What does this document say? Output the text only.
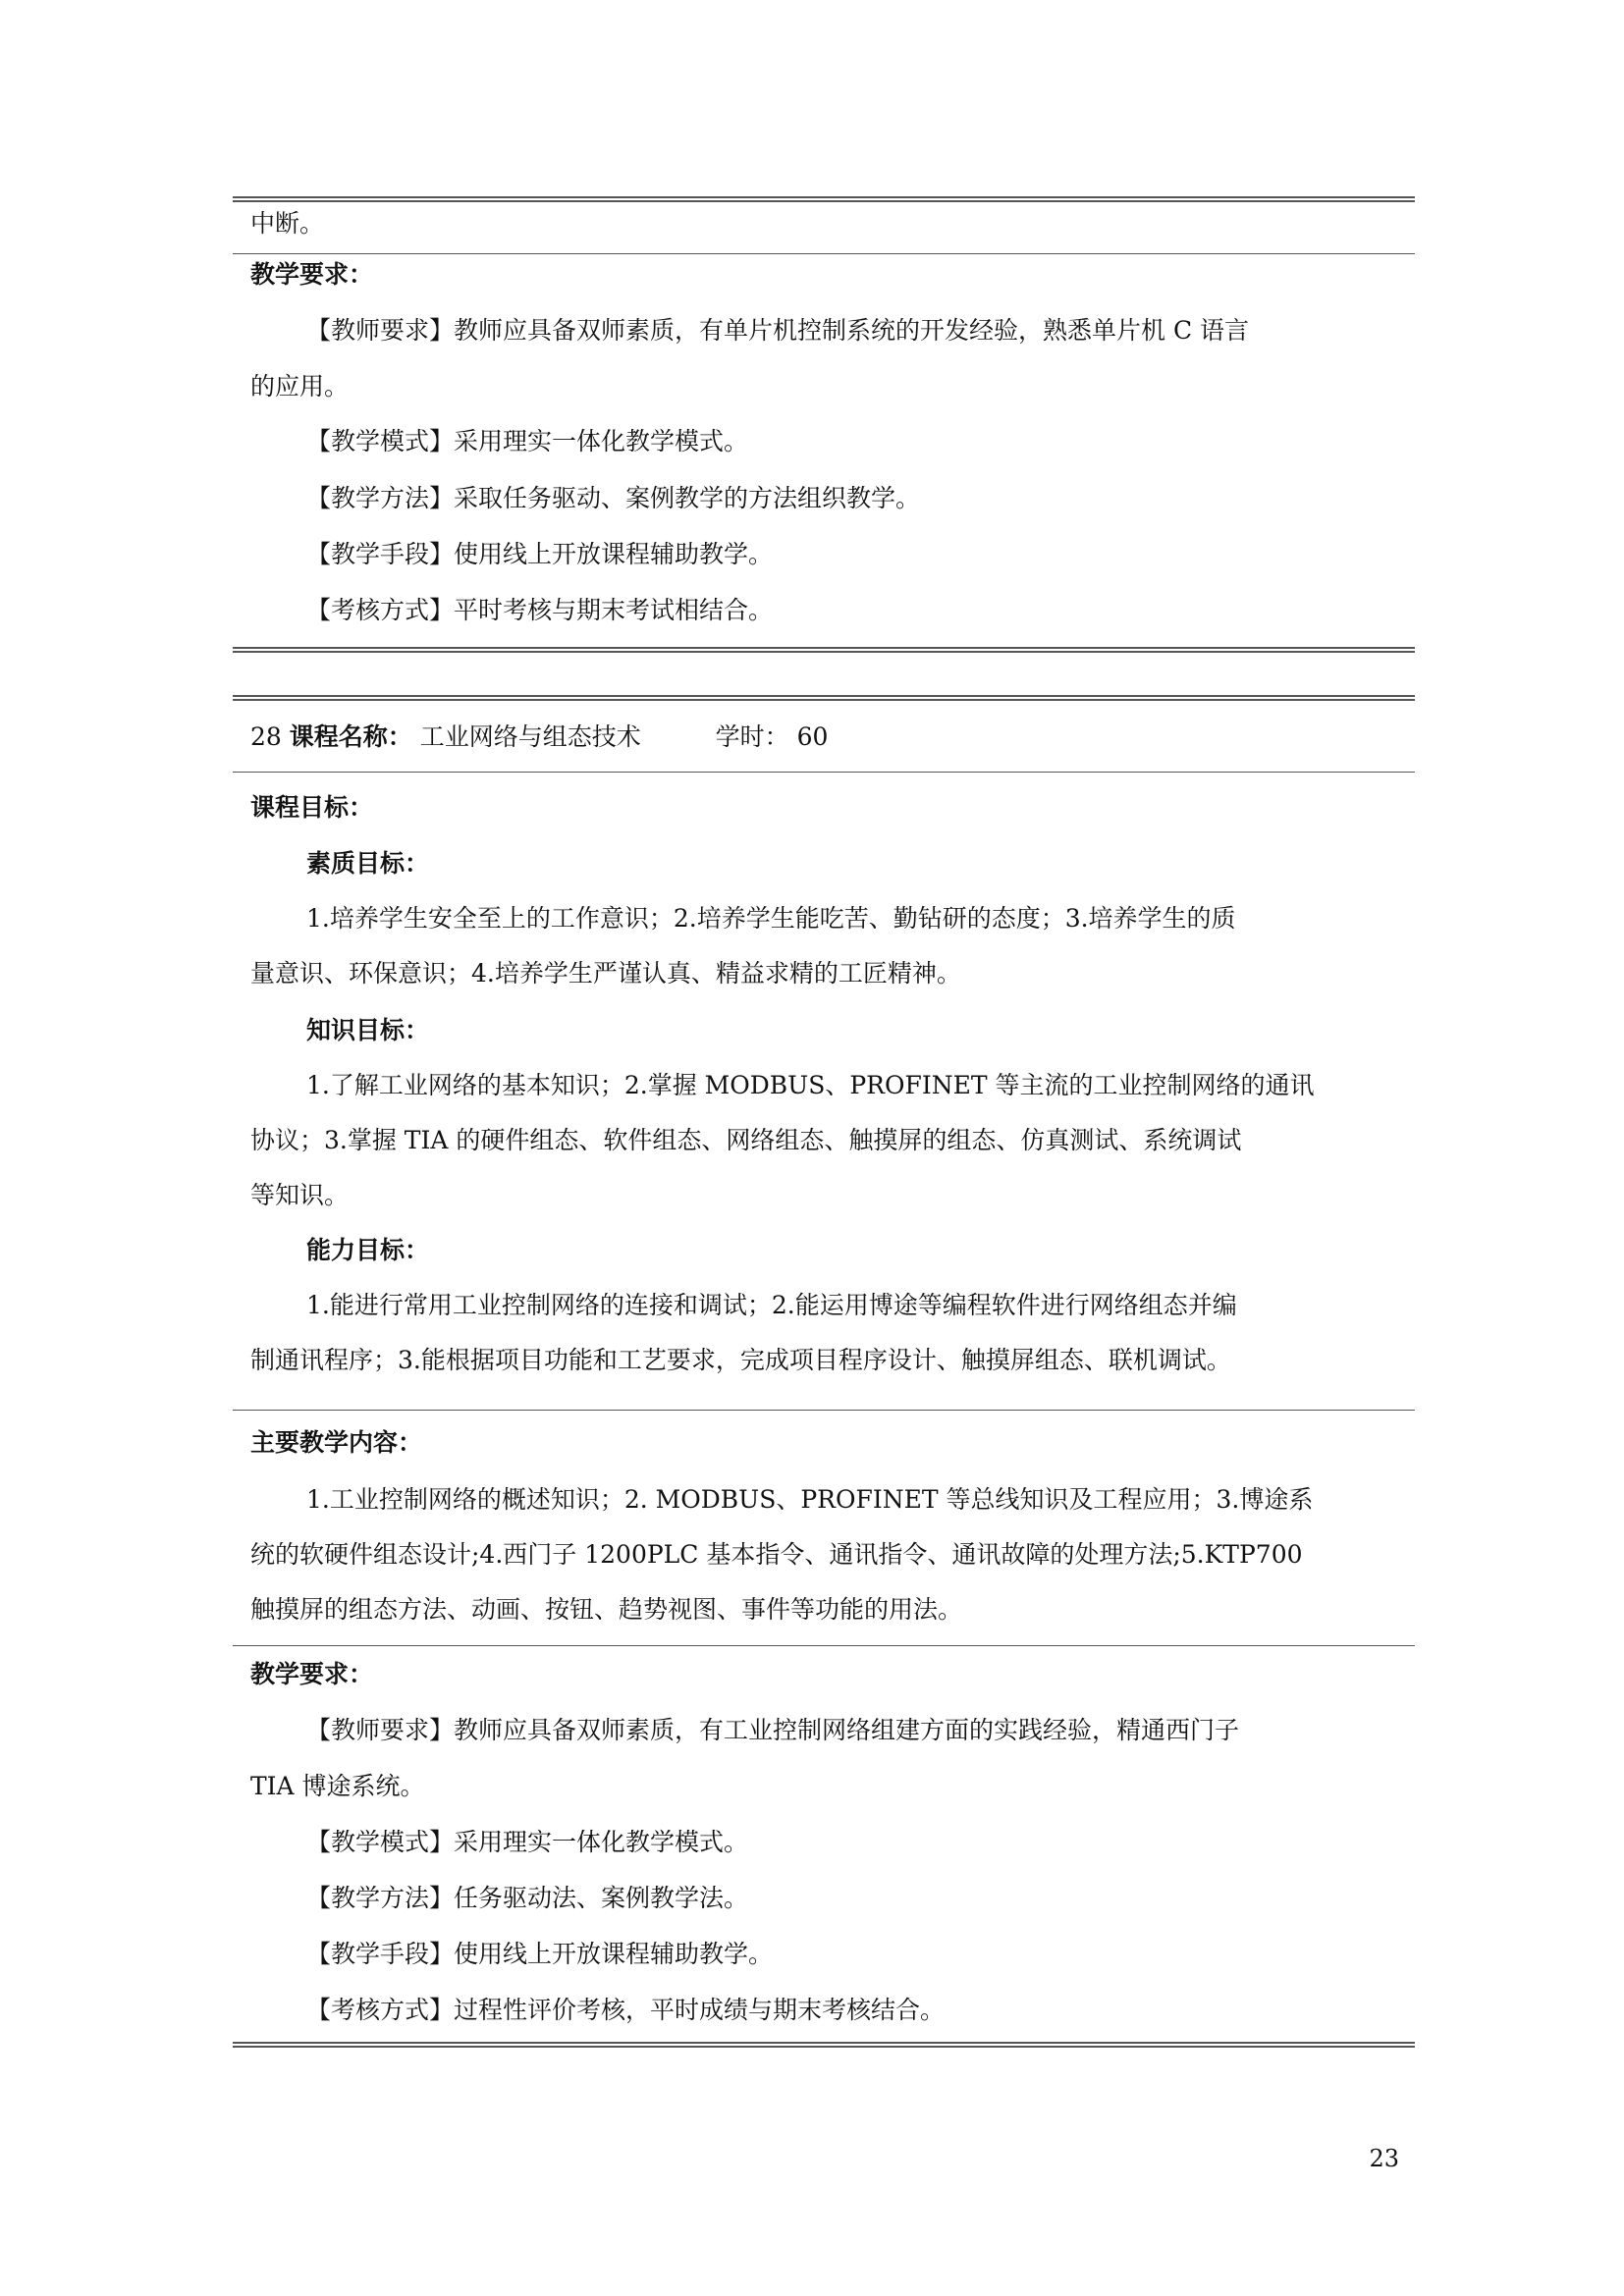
中断。
教学要求：
【教师要求】教师应具备双师素质，有单片机控制系统的开发经验，熟悉单片机 C 语言
的应用。
【教学模式】采用理实一体化教学模式。
【教学方法】采取任务驱动、案例教学的方法组织教学。
【教学手段】使用线上开放课程辅助教学。
【考核方式】平时考核与期末考试相结合。
28 课程名称： 工业网络与组态技术	学时： 60
课程目标：
素质目标：
1.培养学生安全至上的工作意识；2.培养学生能吃苦、勤钻研的态度；3.培养学生的质
量意识、环保意识；4.培养学生严谨认真、精益求精的工匠精神。
知识目标：
1.了解工业网络的基本知识；2.掌握 MODBUS、PROFINET 等主流的工业控制网络的通讯
协议；3.掌握 TIA 的硬件组态、软件组态、网络组态、触摸屏的组态、仿真测试、系统调试
等知识。
能力目标：
1.能进行常用工业控制网络的连接和调试；2.能运用博途等编程软件进行网络组态并编
制通讯程序；3.能根据项目功能和工艺要求，完成项目程序设计、触摸屏组态、联机调试。
主要教学内容：
1.工业控制网络的概述知识；2. MODBUS、PROFINET 等总线知识及工程应用；3.博途系
统的软硬件组态设计;4.西门子 1200PLC 基本指令、通讯指令、通讯故障的处理方法;5.KTP700
触摸屏的组态方法、动画、按钮、趋势视图、事件等功能的用法。
教学要求：
【教师要求】教师应具备双师素质，有工业控制网络组建方面的实践经验，精通西门子
TIA 博途系统。
【教学模式】采用理实一体化教学模式。
【教学方法】任务驱动法、案例教学法。
【教学手段】使用线上开放课程辅助教学。
【考核方式】过程性评价考核，平时成绩与期末考核结合。
23
